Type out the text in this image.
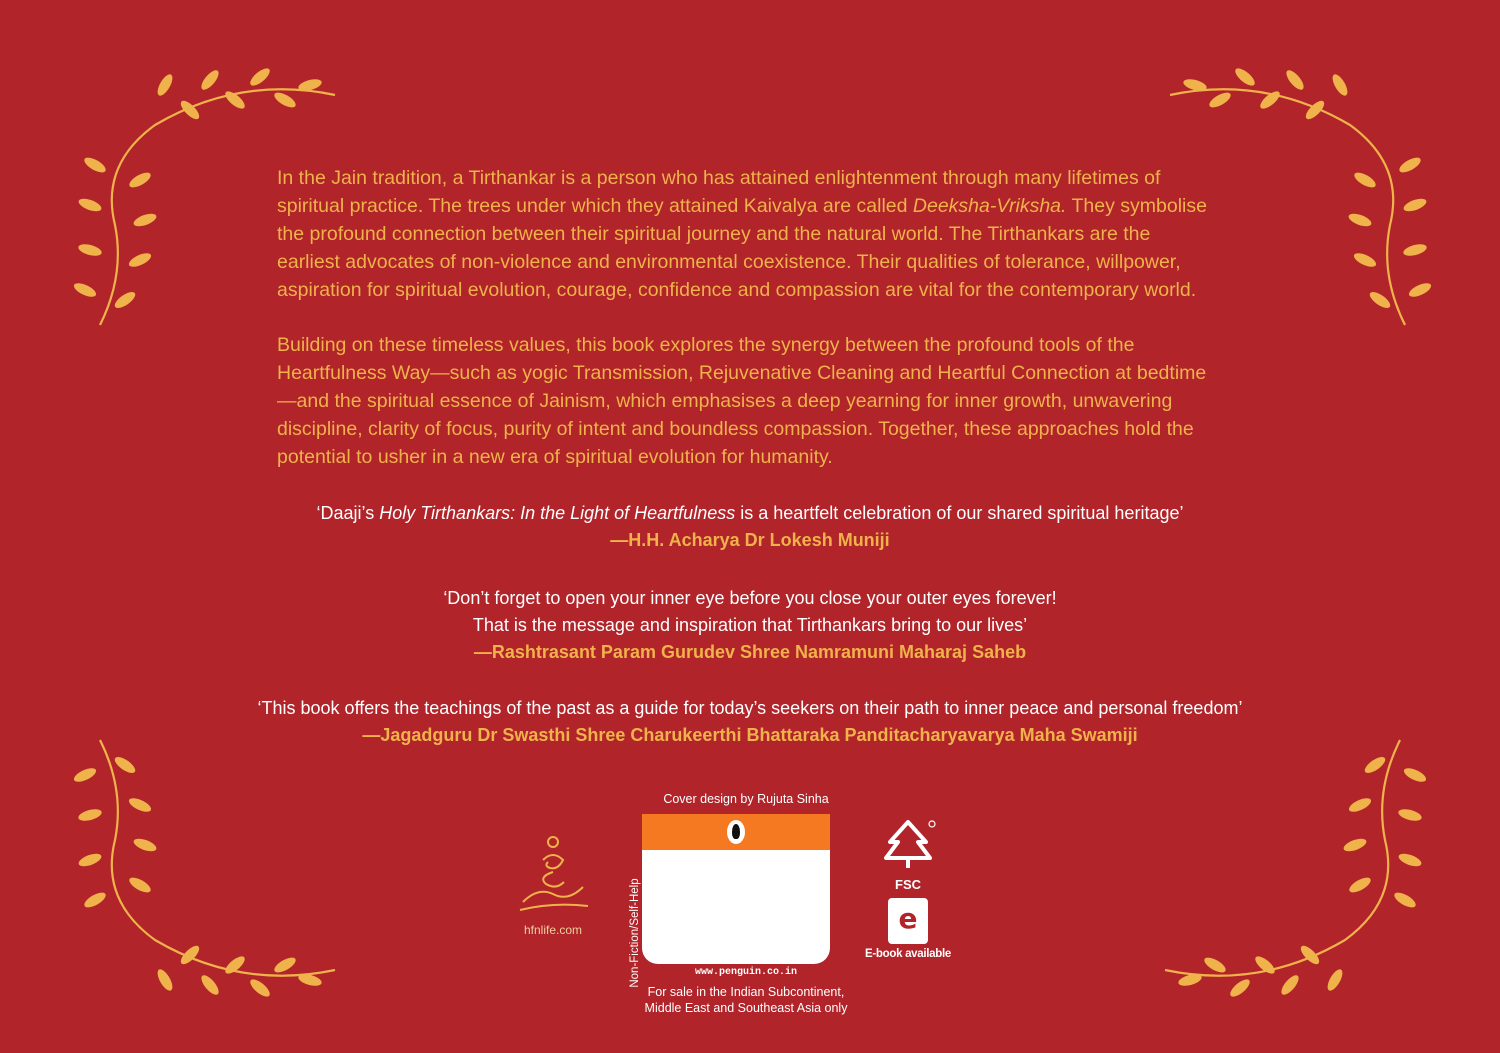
In the Jain tradition, a Tirthankar is a person who has attained enlightenment through many lifetimes of spiritual practice. The trees under which they attained Kaivalya are called Deeksha-Vriksha. They symbolise the profound connection between their spiritual journey and the natural world. The Tirthankars are the earliest advocates of non-violence and environmental coexistence. Their qualities of tolerance, willpower, aspiration for spiritual evolution, courage, confidence and compassion are vital for the contemporary world.

Building on these timeless values, this book explores the synergy between the profound tools of the Heartfulness Way—such as yogic Transmission, Rejuvenative Cleaning and Heartful Connection at bedtime—and the spiritual essence of Jainism, which emphasises a deep yearning for inner growth, unwavering discipline, clarity of focus, purity of intent and boundless compassion. Together, these approaches hold the potential to usher in a new era of spiritual evolution for humanity.

‘Daaji’s Holy Tirthankars: In the Light of Heartfulness is a heartfelt celebration of our shared spiritual heritage’
—H.H. Acharya Dr Lokesh Muniji
‘Don’t forget to open your inner eye before you close your outer eyes forever!
That is the message and inspiration that Tirthankars bring to our lives’
—Rashtrasant Param Gurudev Shree Namramuni Maharaj Saheb
‘This book offers the teachings of the past as a guide for today’s seekers on their path to inner peace and personal freedom’
—Jagadguru Dr Swasthi Shree Charukeerthi Bhattaraka Panditacharyavarya Maha Swamiji
hfnlife.com
Cover design by Rujuta Sinha
Non-Fiction/Self-Help	www.penguin.co.in
For sale in the Indian Subcontinent,
Middle East and Southeast Asia only
FSC
e
E-book available
